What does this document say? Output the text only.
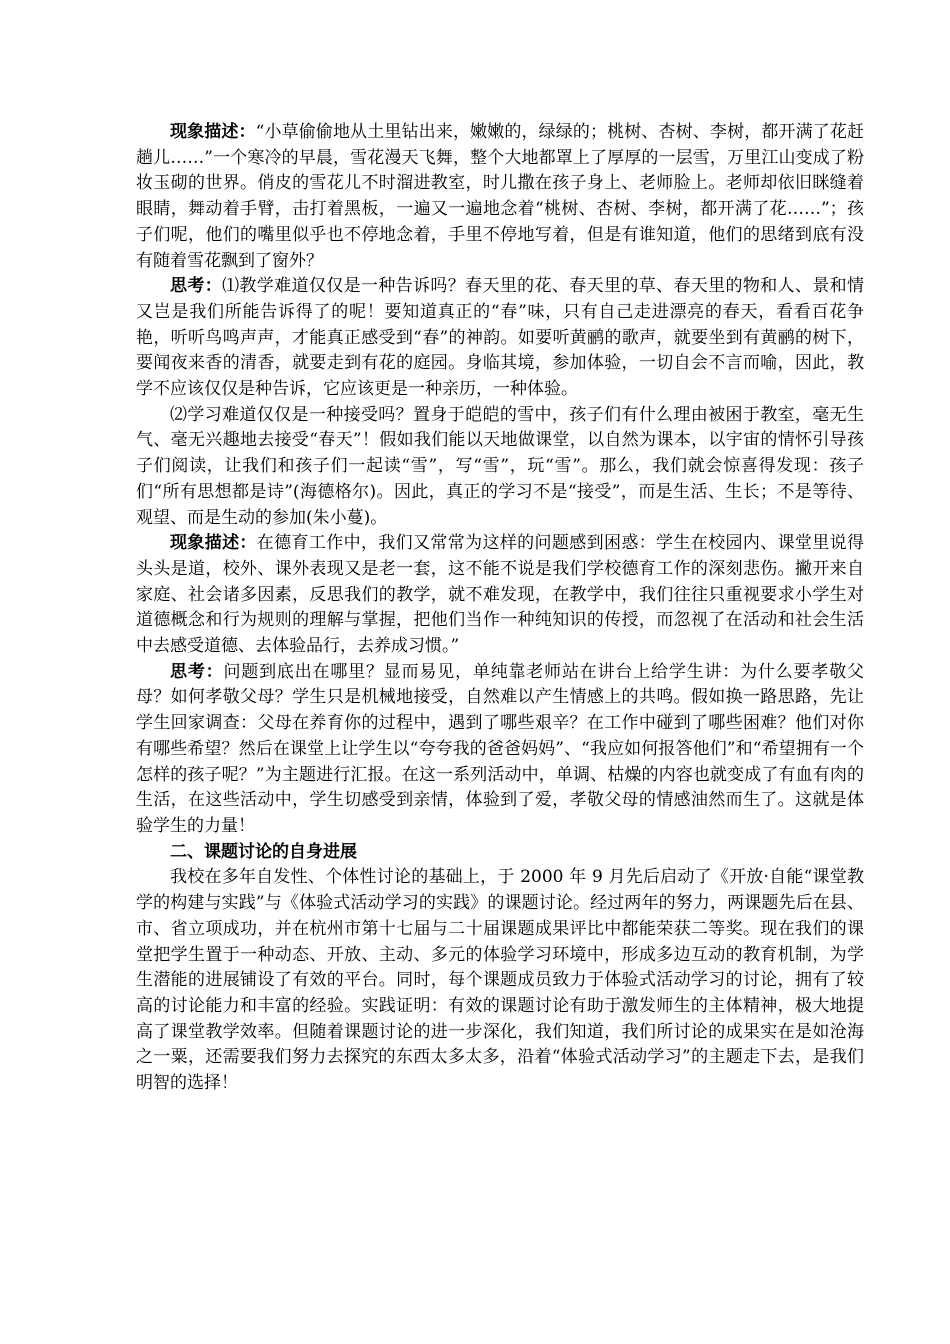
现象描述：“小草偷偷地从土里钻出来，嫩嫩的，绿绿的；桃树、杏树、李树，都开满了花赶趟儿……”一个寒冷的早晨，雪花漫天飞舞，整个大地都罩上了厚厚的一层雪，万里江山变成了粉妆玉砌的世界。俏皮的雪花儿不时溜进教室，时儿撒在孩子身上、老师脸上。老师却依旧眯缝着眼睛，舞动着手臂，击打着黑板，一遍又一遍地念着“桃树、杏树、李树，都开满了花……”；孩子们呢，他们的嘴里似乎也不停地念着，手里不停地写着，但是有谁知道，他们的思绪到底有没有随着雪花飘到了窗外？

思考：⑴教学难道仅仅是一种告诉吗？春天里的花、春天里的草、春天里的物和人、景和情又岂是我们所能告诉得了的呢！要知道真正的“春”味，只有自己走进漂亮的春天，看看百花争艳，听听鸟鸣声声，才能真正感受到“春”的神韵。如要听黄鹂的歌声，就要坐到有黄鹂的树下，要闻夜来香的清香，就要走到有花的庭园。身临其境，参加体验，一切自会不言而喻，因此，教学不应该仅仅是种告诉，它应该更是一种亲历，一种体验。

⑵学习难道仅仅是一种接受吗？置身于皑皑的雪中，孩子们有什么理由被困于教室，毫无生气、毫无兴趣地去接受“春天”！假如我们能以天地做课堂，以自然为课本，以宇宙的情怀引导孩子们阅读，让我们和孩子们一起读“雪”，写“雪”，玩“雪”。那么，我们就会惊喜得发现：孩子们“所有思想都是诗”(海德格尔)。因此，真正的学习不是“接受”，而是生活、生长；不是等待、观望、而是生动的参加(朱小蔓)。

现象描述：在德育工作中，我们又常常为这样的问题感到困惑：学生在校园内、课堂里说得头头是道，校外、课外表现又是老一套，这不能不说是我们学校德育工作的深刻悲伤。撇开来自家庭、社会诸多因素，反思我们的教学，就不难发现，在教学中，我们往往只重视要求小学生对道德概念和行为规则的理解与掌握，把他们当作一种纯知识的传授，而忽视了在活动和社会生活中去感受道德、去体验品行，去养成习惯。”

思考：问题到底出在哪里？显而易见，单纯靠老师站在讲台上给学生讲：为什么要孝敬父母？如何孝敬父母？学生只是机械地接受，自然难以产生情感上的共鸣。假如换一路思路，先让学生回家调查：父母在养育你的过程中，遇到了哪些艰辛？在工作中碰到了哪些困难？他们对你有哪些希望？然后在课堂上让学生以“夸夸我的爸爸妈妈”、“我应如何报答他们”和“希望拥有一个怎样的孩子呢？”为主题进行汇报。在这一系列活动中，单调、枯燥的内容也就变成了有血有肉的生活，在这些活动中，学生切感受到亲情，体验到了爱，孝敬父母的情感油然而生了。这就是体验学生的力量！

二、课题讨论的自身进展

我校在多年自发性、个体性讨论的基础上，于 2000 年 9 月先后启动了《开放·自能“课堂教学的构建与实践”与《体验式活动学习的实践》的课题讨论。经过两年的努力，两课题先后在县、市、省立项成功，并在杭州市第十七届与二十届课题成果评比中都能荣获二等奖。现在我们的课堂把学生置于一种动态、开放、主动、多元的体验学习环境中，形成多边互动的教育机制，为学生潜能的进展铺设了有效的平台。同时，每个课题成员致力于体验式活动学习的讨论，拥有了较高的讨论能力和丰富的经验。实践证明：有效的课题讨论有助于激发师生的主体精神，极大地提高了课堂教学效率。但随着课题讨论的进一步深化，我们知道，我们所讨论的成果实在是如沧海之一粟，还需要我们努力去探究的东西太多太多，沿着“体验式活动学习”的主题走下去，是我们明智的选择！
